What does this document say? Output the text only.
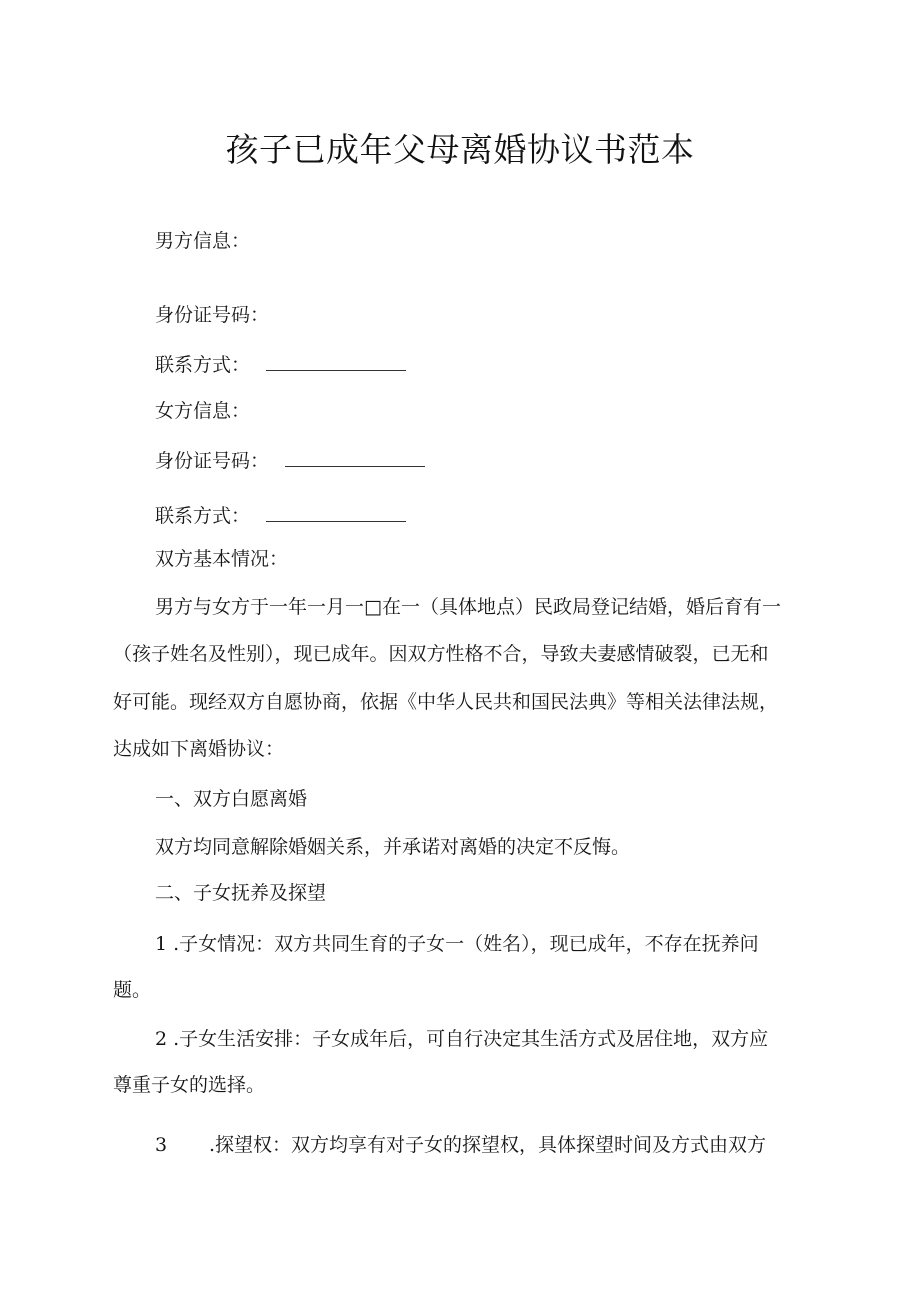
孩子已成年父母离婚协议书范本
男方信息：
身份证号码：
联系方式：
女方信息：
身份证号码：
联系方式：
双方基本情况：
男方与女方于一年一月一□在一（具体地点）民政局登记结婚，婚后育有一
（孩子姓名及性别），现已成年。因双方性格不合，导致夫妻感情破裂，已无和
好可能。现经双方自愿协商，依据《中华人民共和国民法典》等相关法律法规，
达成如下离婚协议：
一、双方白愿离婚
双方均同意解除婚姻关系，并承诺对离婚的决定不反悔。
二、子女抚养及探望
1 .子女情况：双方共同生育的子女一（姓名），现已成年，不存在抚养问
题。
2 .子女生活安排：子女成年后，可自行决定其生活方式及居住地，双方应
尊重子女的选择。
3 .探望权：双方均享有对子女的探望权，具体探望时间及方式由双方
